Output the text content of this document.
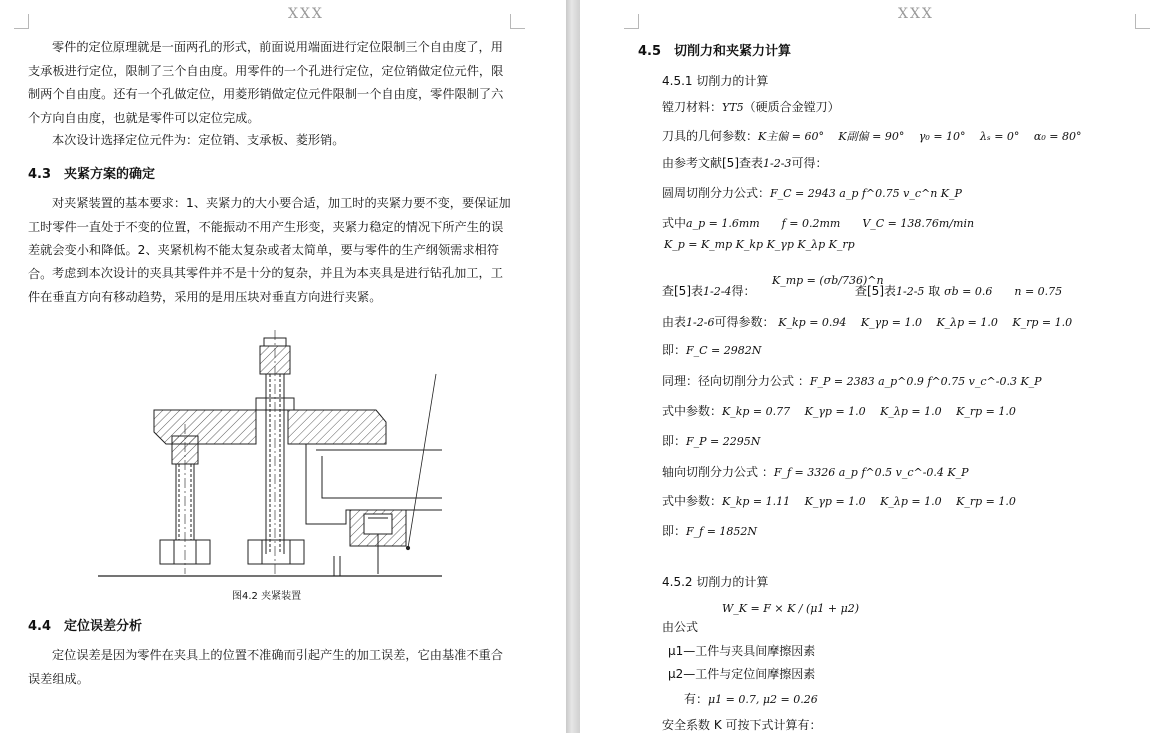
XXX

零件的定位原理就是一面两孔的形式，前面说用端面进行定位限制三个自由度了，用支承板进行定位，限制了三个自由度。用零件的一个孔进行定位，定位销做定位元件，限制两个自由度。还有一个孔做定位，用菱形销做定位元件限制一个自由度，零件限制了六个方向自由度，也就是零件可以定位完成。

本次设计选择定位元件为：定位销、支承板、菱形销。

4.3　夹紧方案的确定

对夹紧装置的基本要求：1、夹紧力的大小要合适，加工时的夹紧力要不变，要保证加工时零件一直处于不变的位置，不能振动不用产生形变，夹紧力稳定的情况下所产生的误差就会变小和降低。2、夹紧机构不能太复杂或者太简单，要与零件的生产纲领需求相符合。 考虑到本次设计的夹具其零件并不是十分的复杂，并且为本夹具是进行钻孔加工，工件在垂直方向有移动趋势，采用的是用压块对垂直方向进行夹紧。

图4.2 夹紧装置

4.4　定位误差分析

定位误差是因为零件在夹具上的位置不准确而引起产生的加工误差，它由基准不重合误差组成。

XXX

4.5　切削力和夹紧力计算

4.5.1 切削力的计算

镗刀材料：YT5（硬质合金镗刀）

刀具的几何参数：K主偏 = 60°　 K副偏 = 90°　 γ₀ = 10°　 λₛ = 0°　 α₀ = 80°

由参考文献[5]查表1-2-3可得：

圆周切削分力公式：F_C = 2943 a_p f^0.75 v_c^n K_P

式中a_p = 1.6mm　　f = 0.2mm　　V_C = 138.76m/min

K_p = K_mp K_kp K_γp K_λp K_rp

查[5]表1-2-4得：

K_mp = (σb/736)^n

查[5]表1-2-5 取 σb = 0.6　　n = 0.75

由表1-2-6可得参数： K_kp = 0.94　 K_γp = 1.0　 K_λp = 1.0　 K_rp = 1.0

即：F_C = 2982N

同理：径向切削分力公式 ：F_P = 2383 a_p^0.9 f^0.75 v_c^-0.3 K_P

式中参数：K_kp = 0.77　 K_γp = 1.0　 K_λp = 1.0　 K_rp = 1.0

即：F_P = 2295N

轴向切削分力公式 ：F_f = 3326 a_p f^0.5 v_c^-0.4 K_P

式中参数：K_kp = 1.11　 K_γp = 1.0　 K_λp = 1.0　 K_rp = 1.0

即：F_f = 1852N

4.5.2 切削力的计算

由公式

W_K = F × K / (μ1 + μ2)

μ1—工件与夹具间摩擦因素

μ2—工件与定位间摩擦因素

有：μ1 = 0.7, μ2 = 0.26

安全系数 K 可按下式计算有：
